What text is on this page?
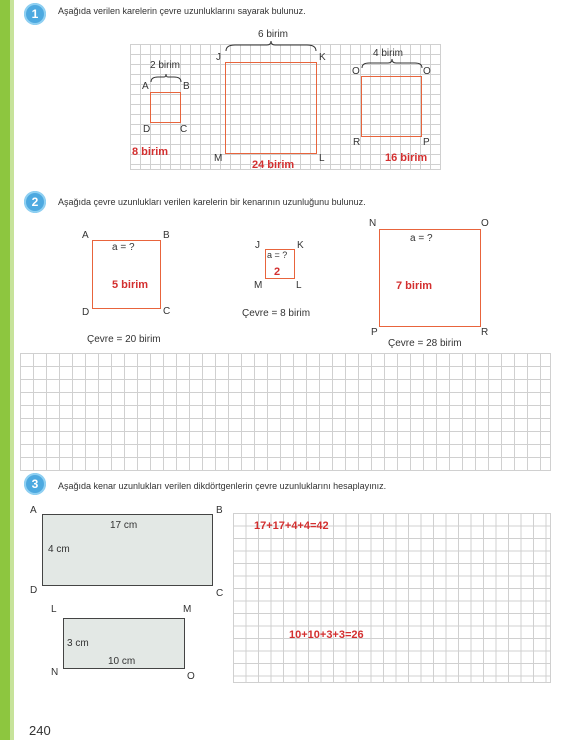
1	Aşağıda verilen karelerin çevre uzunluklarını sayarak bulunuz.
2 birim
A	B
D	C
8 birim
6 birim
J	K
M	L
24 birim
4 birim
O	O
R	P
16 birim
2	Aşağıda çevre uzunlukları verilen karelerin bir kenarının uzunluğunu bulunuz.
A	B
a = ?
5 birim
D	C
Çevre = 20 birim
J	K
a = ?
2
M	L
Çevre = 8 birim
N	O
a = ?
7 birim
P	R
Çevre = 28 birim
3	Aşağıda kenar uzunlukları verilen dikdörtgenlerin çevre uzunluklarını hesaplayınız.
A	B
17 cm
4 cm
D	C
L	M
3 cm
10 cm
N	O
17+17+4+4=42
10+10+3+3=26
240
